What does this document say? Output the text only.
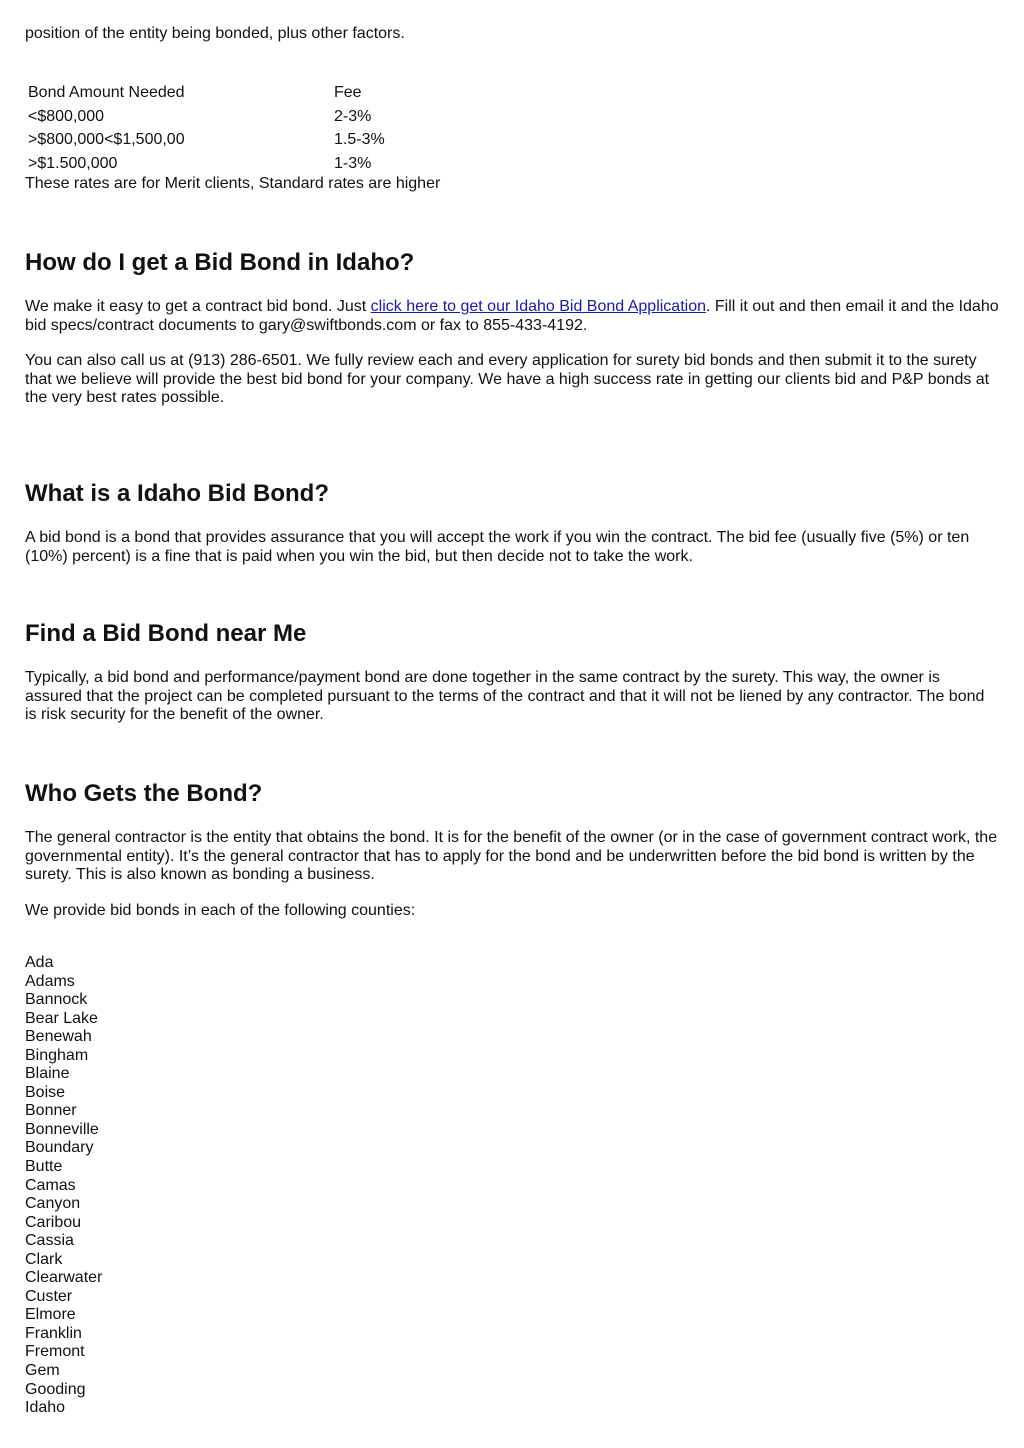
position of the entity being bonded, plus other factors.

Bond Amount Needed	Fee
<$800,000	2-3%
>$800,000<$1,500,00	1.5-3%
>$1.500,000	1-3%

These rates are for Merit clients, Standard rates are higher

How do I get a Bid Bond in Idaho?

We make it easy to get a contract bid bond. Just click here to get our Idaho Bid Bond Application. Fill it out and then email it and the Idaho bid specs/contract documents to gary@swiftbonds.com or fax to 855-433-4192.

You can also call us at (913) 286-6501. We fully review each and every application for surety bid bonds and then submit it to the surety that we believe will provide the best bid bond for your company. We have a high success rate in getting our clients bid and P&P bonds at the very best rates possible.

What is a Idaho Bid Bond?

A bid bond is a bond that provides assurance that you will accept the work if you win the contract. The bid fee (usually five (5%) or ten (10%) percent) is a fine that is paid when you win the bid, but then decide not to take the work.

Find a Bid Bond near Me

Typically, a bid bond and performance/payment bond are done together in the same contract by the surety. This way, the owner is assured that the project can be completed pursuant to the terms of the contract and that it will not be liened by any contractor. The bond is risk security for the benefit of the owner.

Who Gets the Bond?

The general contractor is the entity that obtains the bond. It is for the benefit of the owner (or in the case of government contract work, the governmental entity). It’s the general contractor that has to apply for the bond and be underwritten before the bid bond is written by the surety. This is also known as bonding a business.

We provide bid bonds in each of the following counties:

Ada
Adams
Bannock
Bear Lake
Benewah
Bingham
Blaine
Boise
Bonner
Bonneville
Boundary
Butte
Camas
Canyon
Caribou
Cassia
Clark
Clearwater
Custer
Elmore
Franklin
Fremont
Gem
Gooding
Idaho
